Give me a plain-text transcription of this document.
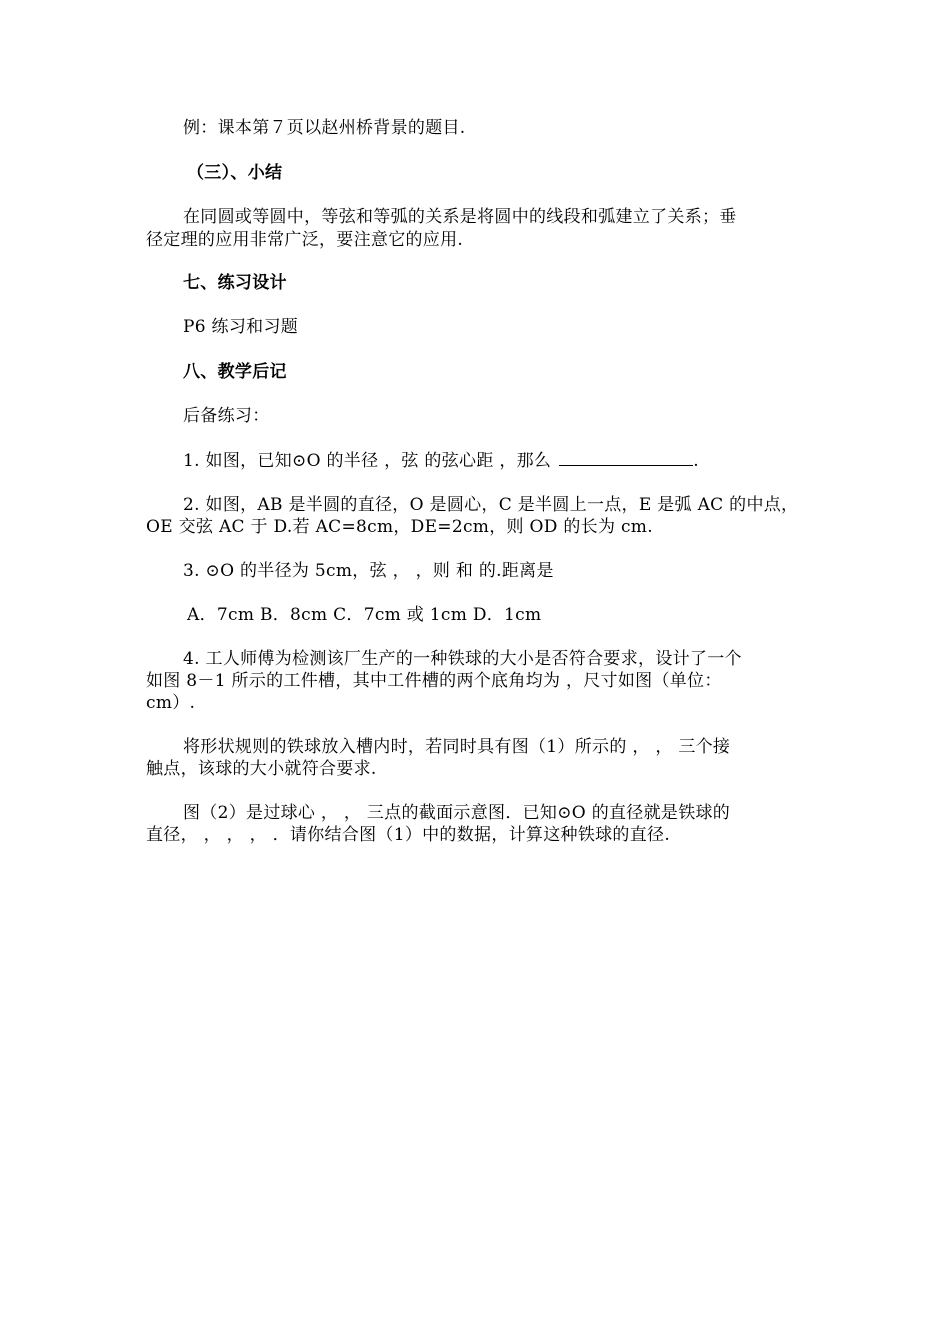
例：课本第７页以赵州桥背景的题目.
（三）、小结
在同圆或等圆中，等弦和等弧的关系是将圆中的线段和弧建立了关系；垂
径定理的应用非常广泛，要注意它的应用.
七、练习设计
P6 练习和习题
八、教学后记
后备练习：
1. 如图，已知⊙O 的半径 ，弦 的弦心距 ，那么	.
2. 如图，AB 是半圆的直径，O 是圆心，C 是半圆上一点，E 是弧 AC 的中点，
OE 交弦 AC 于 D.若 AC=8cm，DE=2cm，则 OD 的长为 cm.
3. ⊙O 的半径为 5cm，弦 ， ，则 和 的.距离是
A．7cm B．8cm C．7cm 或 1cm D．1cm
4. 工人师傅为检测该厂生产的一种铁球的大小是否符合要求，设计了一个
如图 8－1 所示的工件槽，其中工件槽的两个底角均为 ，尺寸如图（单位：
cm）.
将形状规则的铁球放入槽内时，若同时具有图（1）所示的 ， ， 三个接
触点，该球的大小就符合要求.
图（2）是过球心 ， ， 三点的截面示意图．已知⊙O 的直径就是铁球的
直径， ， ， ， ．请你结合图（1）中的数据，计算这种铁球的直径.
